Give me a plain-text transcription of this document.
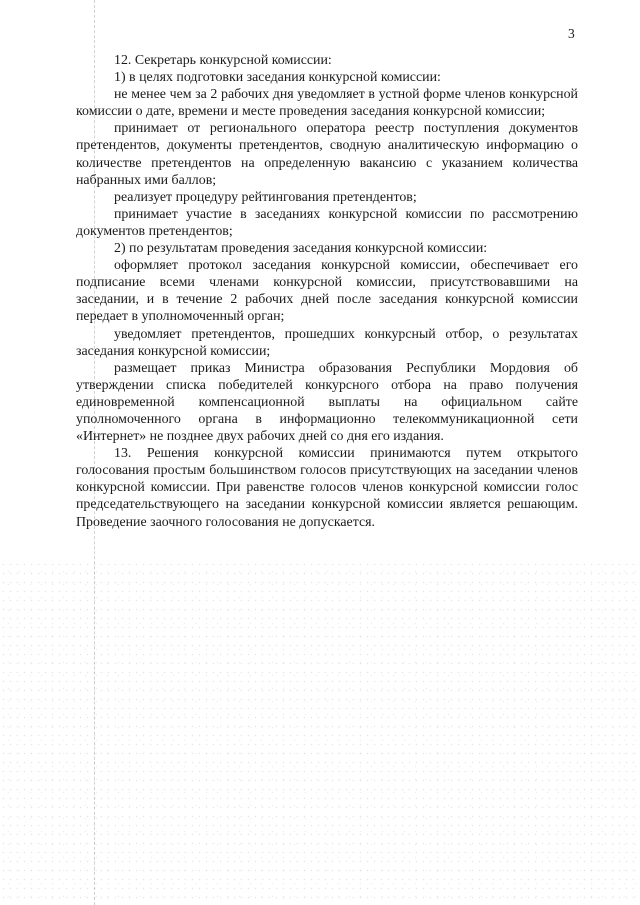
3

12. Секретарь конкурсной комиссии:

1) в целях подготовки заседания конкурсной комиссии:

не менее чем за 2 рабочих дня уведомляет в устной форме членов конкурсной комиссии о дате, времени и месте проведения заседания конкурсной комиссии;

принимает от регионального оператора реестр поступления документов претендентов, документы претендентов, сводную аналитическую информацию о количестве претендентов на определенную вакансию с указанием количества набранных ими баллов;

реализует процедуру рейтингования претендентов;

принимает участие в заседаниях конкурсной комиссии по рассмотрению документов претендентов;

2) по результатам проведения заседания конкурсной комиссии:

оформляет протокол заседания конкурсной комиссии, обеспечивает его подписание всеми членами конкурсной комиссии, присутствовавшими на заседании, и в течение 2 рабочих дней после заседания конкурсной комиссии передает в уполномоченный орган;

уведомляет претендентов, прошедших конкурсный отбор, о результатах заседания конкурсной комиссии;

размещает приказ Министра образования Республики Мордовия об утверждении списка победителей конкурсного отбора на право получения единовременной компенсационной выплаты на официальном сайте уполномоченного органа в информационно телекоммуникационной сети «Интернет» не позднее двух рабочих дней со дня его издания.

13. Решения конкурсной комиссии принимаются путем открытого голосования простым большинством голосов присутствующих на заседании членов конкурсной комиссии. При равенстве голосов членов конкурсной комиссии голос председательствующего на заседании конкурсной комиссии является решающим. Проведение заочного голосования не допускается.
